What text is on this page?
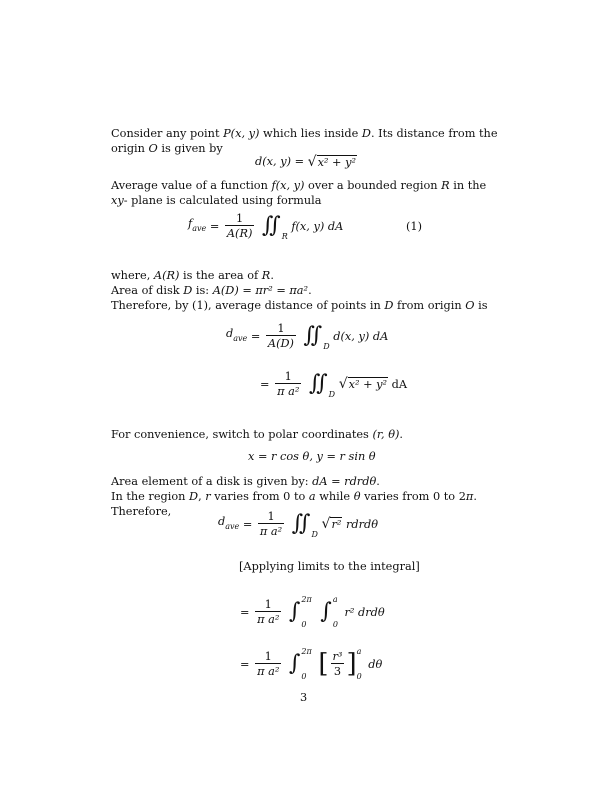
Consider any point P(x, y) which lies inside D. Its distance from the origin O is given by
d(x, y) = √x² + y²
Average value of a function f(x, y) over a bounded region R in the xy- plane is calculated using formula
$f_{ave} = \frac{1}{A(R)}$ ∬R f(x, y) dA	(1)
where, A(R) is the area of R.
Area of disk D is: A(D) = πr² = πa².
Therefore, by (1), average distance of points in D from origin O is
$d_{ave} = \frac{1}{A(D)}$ ∬D d(x, y) dA
= $\frac{1}{\text{π a²}}$ ∬D √x² + y² dA
For convenience, switch to polar coordinates (r, θ).
x = r cos θ, y = r sin θ
Area element of a disk is given by: dA = rdrdθ.
In the region D, r varies from 0 to a while θ varies from 0 to 2π. Therefore,
$d_{ave} = \frac{1}{\text{π a²}}$ ∬D √r² rdrdθ
[Applying limits to the integral]
= $\frac{1}{\text{π a²}}$ ∫ 2π
0
∫ a
0
r² drdθ
= $\frac{1}{\text{π a²}}$ ∫ 2π
0 [ $\frac{\text{r³}}{3}$ ] a
0
dθ
3
